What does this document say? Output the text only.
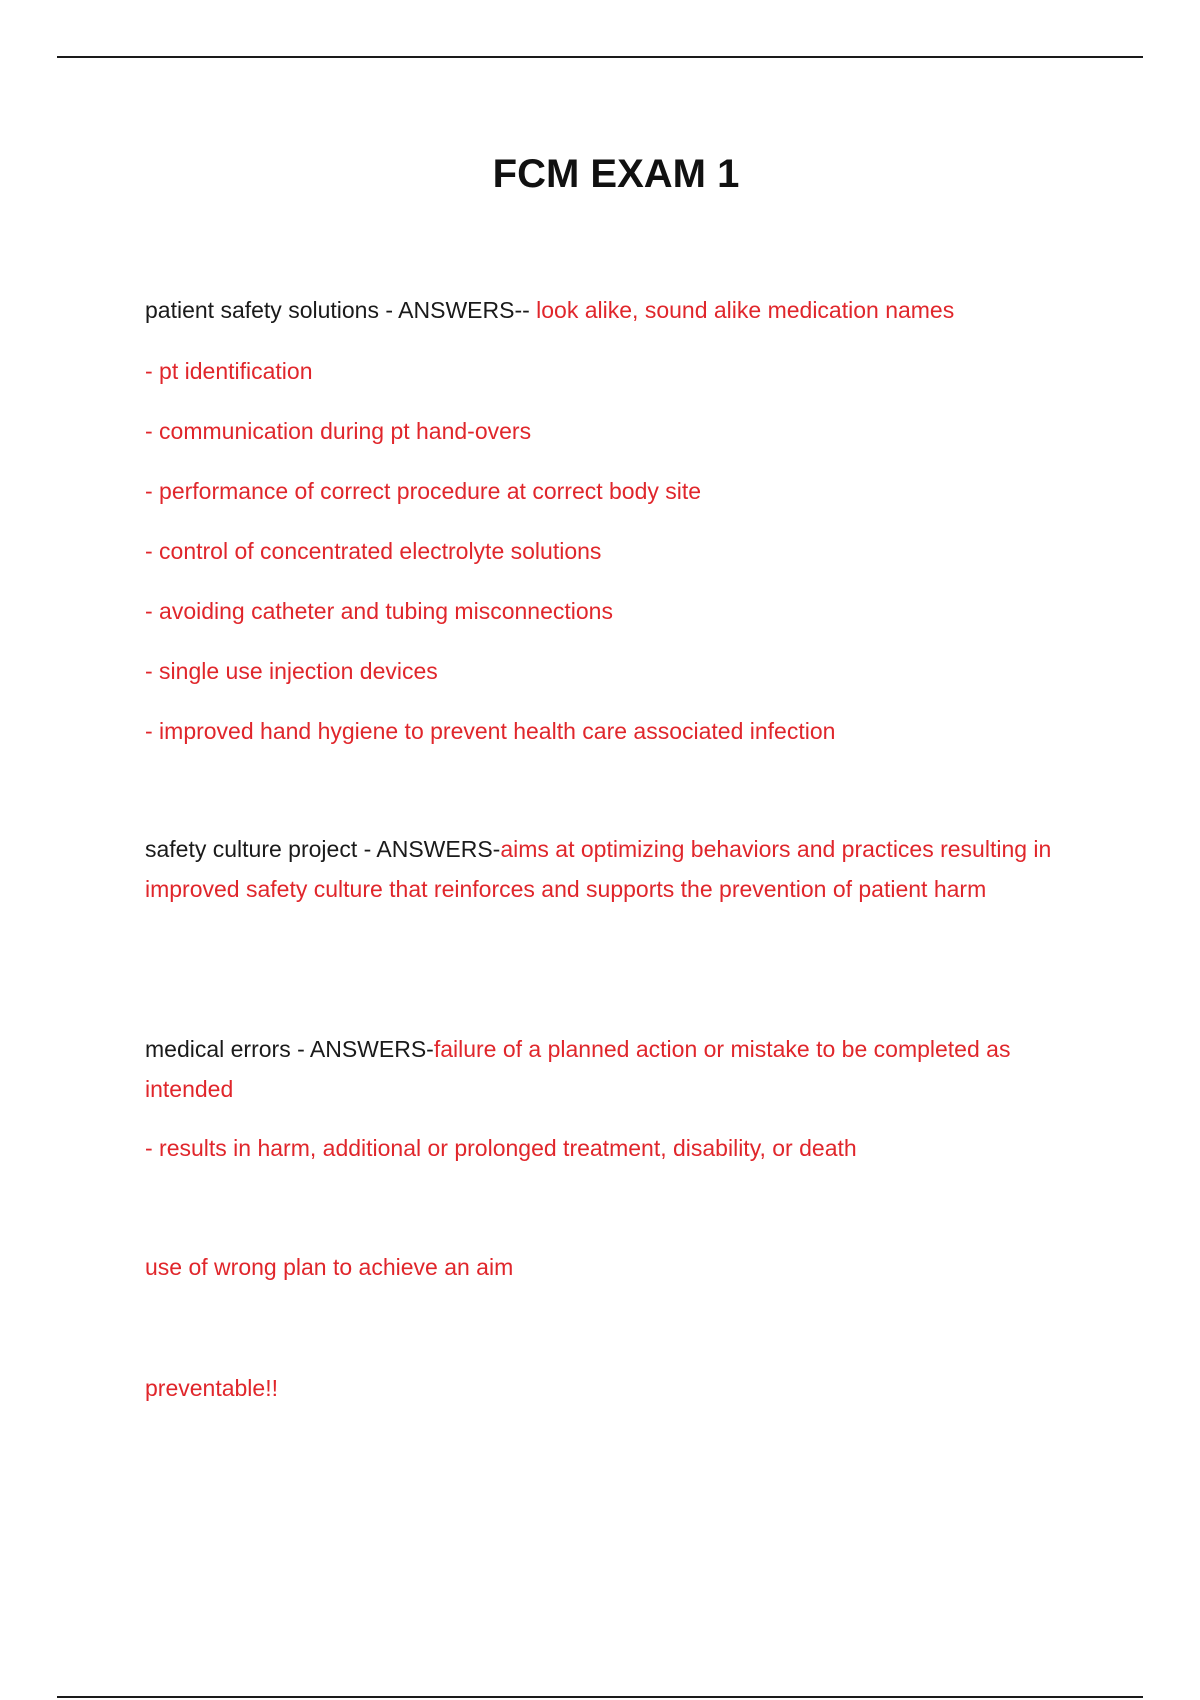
FCM EXAM 1
patient safety solutions - ANSWERS-- look alike, sound alike medication names
- pt identification
- communication during pt hand-overs
- performance of correct procedure at correct body site
- control of concentrated electrolyte solutions
- avoiding catheter and tubing misconnections
- single use injection devices
- improved hand hygiene to prevent health care associated infection
safety culture project - ANSWERS-aims at optimizing behaviors and practices resulting in improved safety culture that reinforces and supports the prevention of patient harm
medical errors - ANSWERS-failure of a planned action or mistake to be completed as intended
- results in harm, additional or prolonged treatment, disability, or death
use of wrong plan to achieve an aim
preventable!!
